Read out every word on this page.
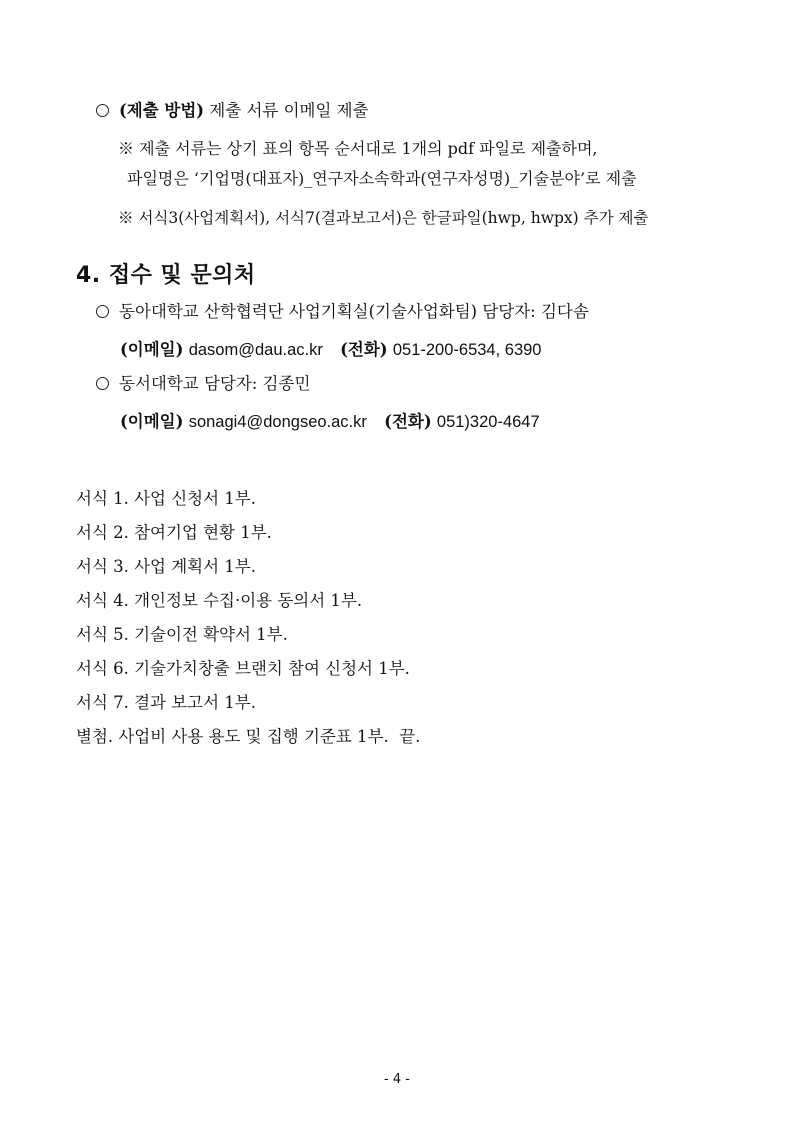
(제출 방법) 제출 서류 이메일 제출
※ 제출 서류는 상기 표의 항목 순서대로 1개의 pdf 파일로 제출하며,
파일명은 ‘기업명(대표자)_연구자소속학과(연구자성명)_기술분야’로 제출
※ 서식3(사업계획서), 서식7(결과보고서)은 한글파일(hwp, hwpx) 추가 제출
4. 접수 및 문의처
동아대학교 산학협력단 사업기획실(기술사업화팀) 담당자: 김다솜
(이메일) dasom@dau.ac.kr (전화) 051-200-6534, 6390
동서대학교 담당자: 김종민
(이메일) sonagi4@dongseo.ac.kr (전화) 051)320-4647
서식 1. 사업 신청서 1부.
서식 2. 참여기업 현황 1부.
서식 3. 사업 계획서 1부.
서식 4. 개인정보 수집·이용 동의서 1부.
서식 5. 기술이전 확약서 1부.
서식 6. 기술가치창출 브랜치 참여 신청서 1부.
서식 7. 결과 보고서 1부.
별첨. 사업비 사용 용도 및 집행 기준표 1부.  끝.
- 4 -
